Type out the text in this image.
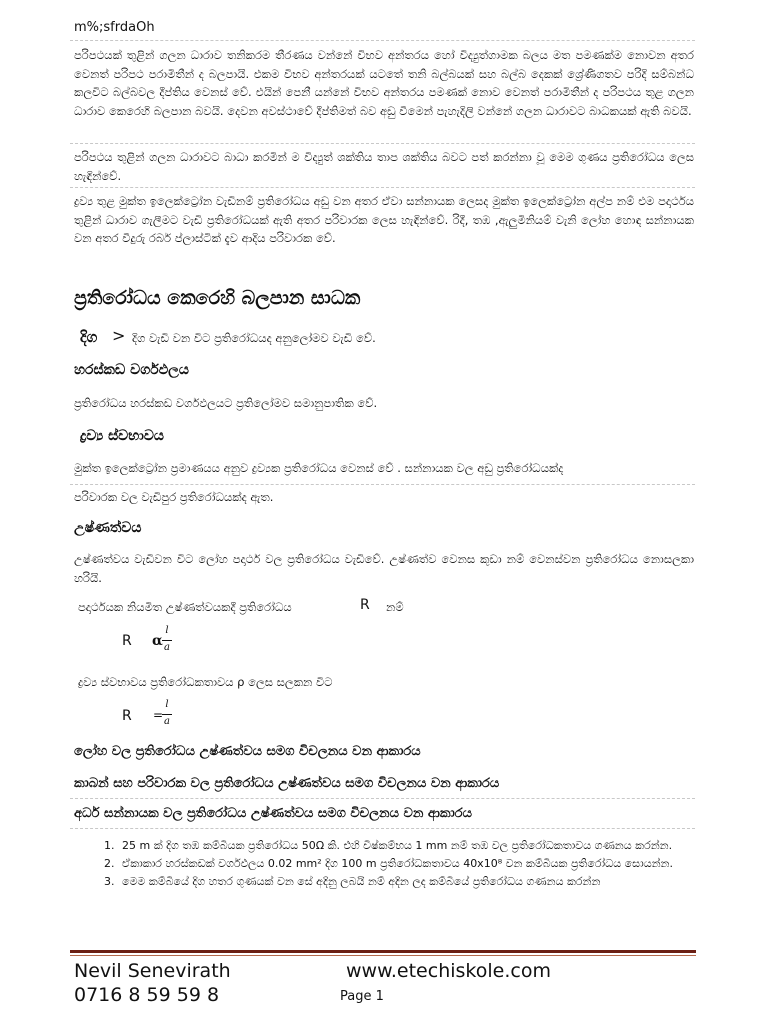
m%;sfrdaOh
පරිපථයක් තුළින් ගලන ධාරාව තනිකරම තීරණය වන්නේ විභව අන්තරය හෝ විද්‍යුත්ගාමක බලය මත පමණක්ම නොවන අතර වෙනත් පරිපථ පරාමිතීන් ද බලපායි. එකම විභව අන්තරයක් යටතේ තනි බල්බයක් සහ බල්බ දෙකක් ශ්‍රේණිගතව පරිදි සම්බන්ධ කලවිට බල්බවල දීප්තිය වෙනස් වේ. එයින් පෙනී යන්නේ විභව අන්තරය පමණක් නොව වෙනත් පරාමිතීන් ද පරිපථය තුළ ගලන ධාරාව කෙරෙහි බලපාන බවයි. දෙවන අවස්ථාවේ දීප්තිමත් බව අඩු වීමෙන් පැහැදිලි වන්නේ ගලන ධාරාවට බාධකයක් ඇති බවයි.
පරිපථය තුළින් ගලන ධාරාවට බාධා කරමින් ම විද්‍යුත් ශක්තිය තාප ශක්තිය බවට පත් කරන්නා වූ මෙම ගුණය ප්‍රතිරෝධය ලෙස හැඳින්වේ.
ද්‍රව්‍ය තුළ මුක්ත ඉලෙක්ට්‍රෝන වැඩිනම් ප්‍රතිරෝධය අඩු වන අතර ඒවා සන්නායක ලෙසද මුක්ත ඉලෙක්ට්‍රෝන අල්ප නම් එම පදාර්ථය තුළින් ධාරාව ගැලීමට වැඩි ප්‍රතිරෝධයක් ඇති අතර පරිවාරක ලෙස හැඳින්වේ. රිදී, තඹ ,ඇලුමිනියම් වැනි ලෝහ හොඳ සන්නායක වන අතර වීදුරු රබර් ප්ලාස්ටික් දැව ආදිය පරිවාරක වේ.
ප්‍රතිරෝධය කෙරෙහි බලපාන සාධක
දිග > දිග වැඩි වන විට ප්‍රතිරෝධයද අනුලෝමව වැඩි වේ.
හරස්කඩ වර්ගඵලය
ප්‍රතිරෝධය හරස්කඩ වර්ගඵලයට ප්‍රතිලෝමව සමානුපාතික වේ.
ද්‍රව්‍ය ස්වභාවය
මුක්ත ඉලෙක්ට්‍රෝන ප්‍රමාණයය අනුව ද්‍රව්‍යක ප්‍රතිරෝධය වෙනස් වේ . සන්නායක වල අඩු ප්‍රතිරෝධයක්ද
පරිවාරක වල වැඩිපුර ප්‍රතිරෝධයක්ද ඇත.
උෂ්ණත්වය
උෂ්ණත්වය වැඩිවන විට ලෝහ පදාර්ථ වල ප්‍රතිරෝධය වැඩිවේ. උෂ්ණත්ව වෙනස කුඩා නම් වෙනස්වන ප්‍රතිරෝධය නොසලකා හරියි.
පදාර්ථයක නියමිත උෂ්ණත්වයකදී ප්‍රතිරෝධය	R නම්
R α
l
a
ද්‍රව්‍ය ස්වභාවය ප්‍රතිරෝධකතාවය ρ ලෙස සලකන විට
R =
l
a
ලෝහ වල ප්‍රතිරෝධය උෂ්ණත්වය සමග විචලනය වන ආකාරය
කාබන් සහ පරිවාරක වල ප්‍රතිරෝධය උෂ්ණත්වය සමග විචලනය වන ආකාරය
අර්ධ සන්නායක වල ප්‍රතිරෝධය උෂ්ණත්වය සමග විචලනය වන ආකාරය
1. 25 m ක් දිග තඹ කම්බියක ප්‍රතිරෝධය 50Ω කි. එහි විෂ්කම්භය 1 mm නම් තඹ වල ප්‍රතිරෝධකතාවය ගණනය කරන්න.
2. ඒකාකාර හරස්කඩක් වර්ගඵලය 0.02 mm² දිග 100 m ප්‍රතිරෝධකතාවය 40x10⁸ වන කම්බියක ප්‍රතිරෝධය සොයන්න.
3. මෙම කම්බියේ දිග හතර ගුණයක් වන සේ අදිනු ලබයි නම් අදින ලද කම්බියේ ප්‍රතිරෝධය ගණනය කරන්න
Nevil Senevirath	www.etechiskole.com
0716 8 59 59 8	Page 1
